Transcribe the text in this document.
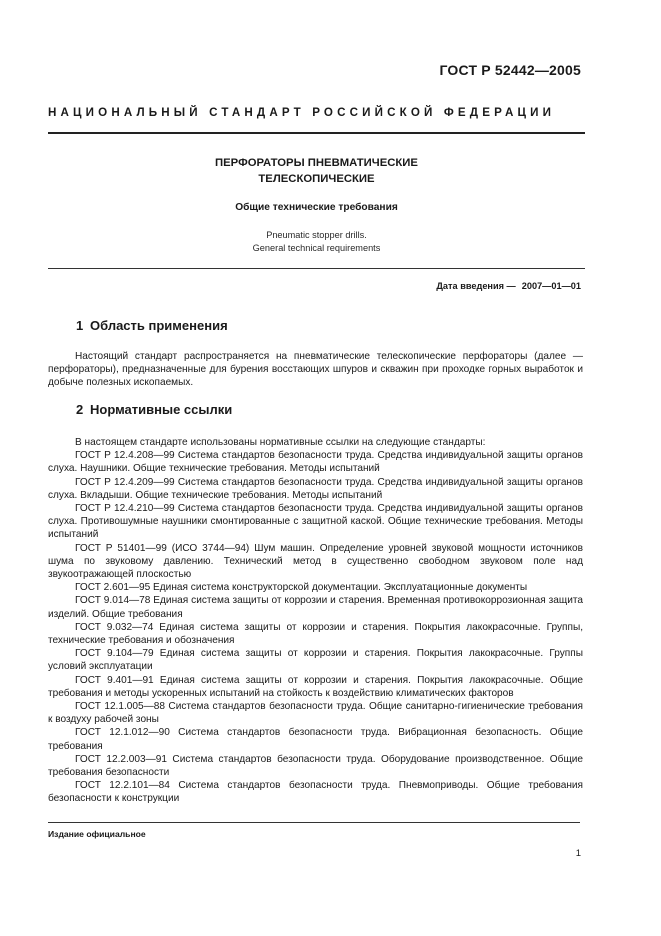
ГОСТ Р 52442—2005
НАЦИОНАЛЬНЫЙ СТАНДАРТ РОССИЙСКОЙ ФЕДЕРАЦИИ
ПЕРФОРАТОРЫ ПНЕВМАТИЧЕСКИЕ
ТЕЛЕСКОПИЧЕСКИЕ
Общие технические требования
Pneumatic stopper drills.
General technical requirements
Дата введения — 2007—01—01
1 Область применения

Настоящий стандарт распространяется на пневматические телескопические перфораторы (далее — перфораторы), предназначенные для бурения восстающих шпуров и скважин при проходке горных выработок и добыче полезных ископаемых.

2 Нормативные ссылки

В настоящем стандарте использованы нормативные ссылки на следующие стандарты:

ГОСТ Р 12.4.208—99 Система стандартов безопасности труда. Средства индивидуальной защиты органов слуха. Наушники. Общие технические требования. Методы испытаний

ГОСТ Р 12.4.209—99 Система стандартов безопасности труда. Средства индивидуальной защиты органов слуха. Вкладыши. Общие технические требования. Методы испытаний

ГОСТ Р 12.4.210—99 Система стандартов безопасности труда. Средства индивидуальной защиты органов слуха. Противошумные наушники смонтированные с защитной каской. Общие технические требования. Методы испытаний

ГОСТ Р 51401—99 (ИСО 3744—94) Шум машин. Определение уровней звуковой мощности источников шума по звуковому давлению. Технический метод в существенно свободном звуковом поле над звукоотражающей плоскостью

ГОСТ 2.601—95 Единая система конструкторской документации. Эксплуатационные документы

ГОСТ 9.014—78 Единая система защиты от коррозии и старения. Временная противокоррозионная защита изделий. Общие требования

ГОСТ 9.032—74 Единая система защиты от коррозии и старения. Покрытия лакокрасочные. Группы, технические требования и обозначения

ГОСТ 9.104—79 Единая система защиты от коррозии и старения. Покрытия лакокрасочные. Группы условий эксплуатации

ГОСТ 9.401—91 Единая система защиты от коррозии и старения. Покрытия лакокрасочные. Общие требования и методы ускоренных испытаний на стойкость к воздействию климатических факторов

ГОСТ 12.1.005—88 Система стандартов безопасности труда. Общие санитарно-гигиенические требования к воздуху рабочей зоны

ГОСТ 12.1.012—90 Система стандартов безопасности труда. Вибрационная безопасность. Общие требования

ГОСТ 12.2.003—91 Система стандартов безопасности труда. Оборудование производственное. Общие требования безопасности

ГОСТ 12.2.101—84 Система стандартов безопасности труда. Пневмоприводы. Общие требования безопасности к конструкции

Издание официальное
1
